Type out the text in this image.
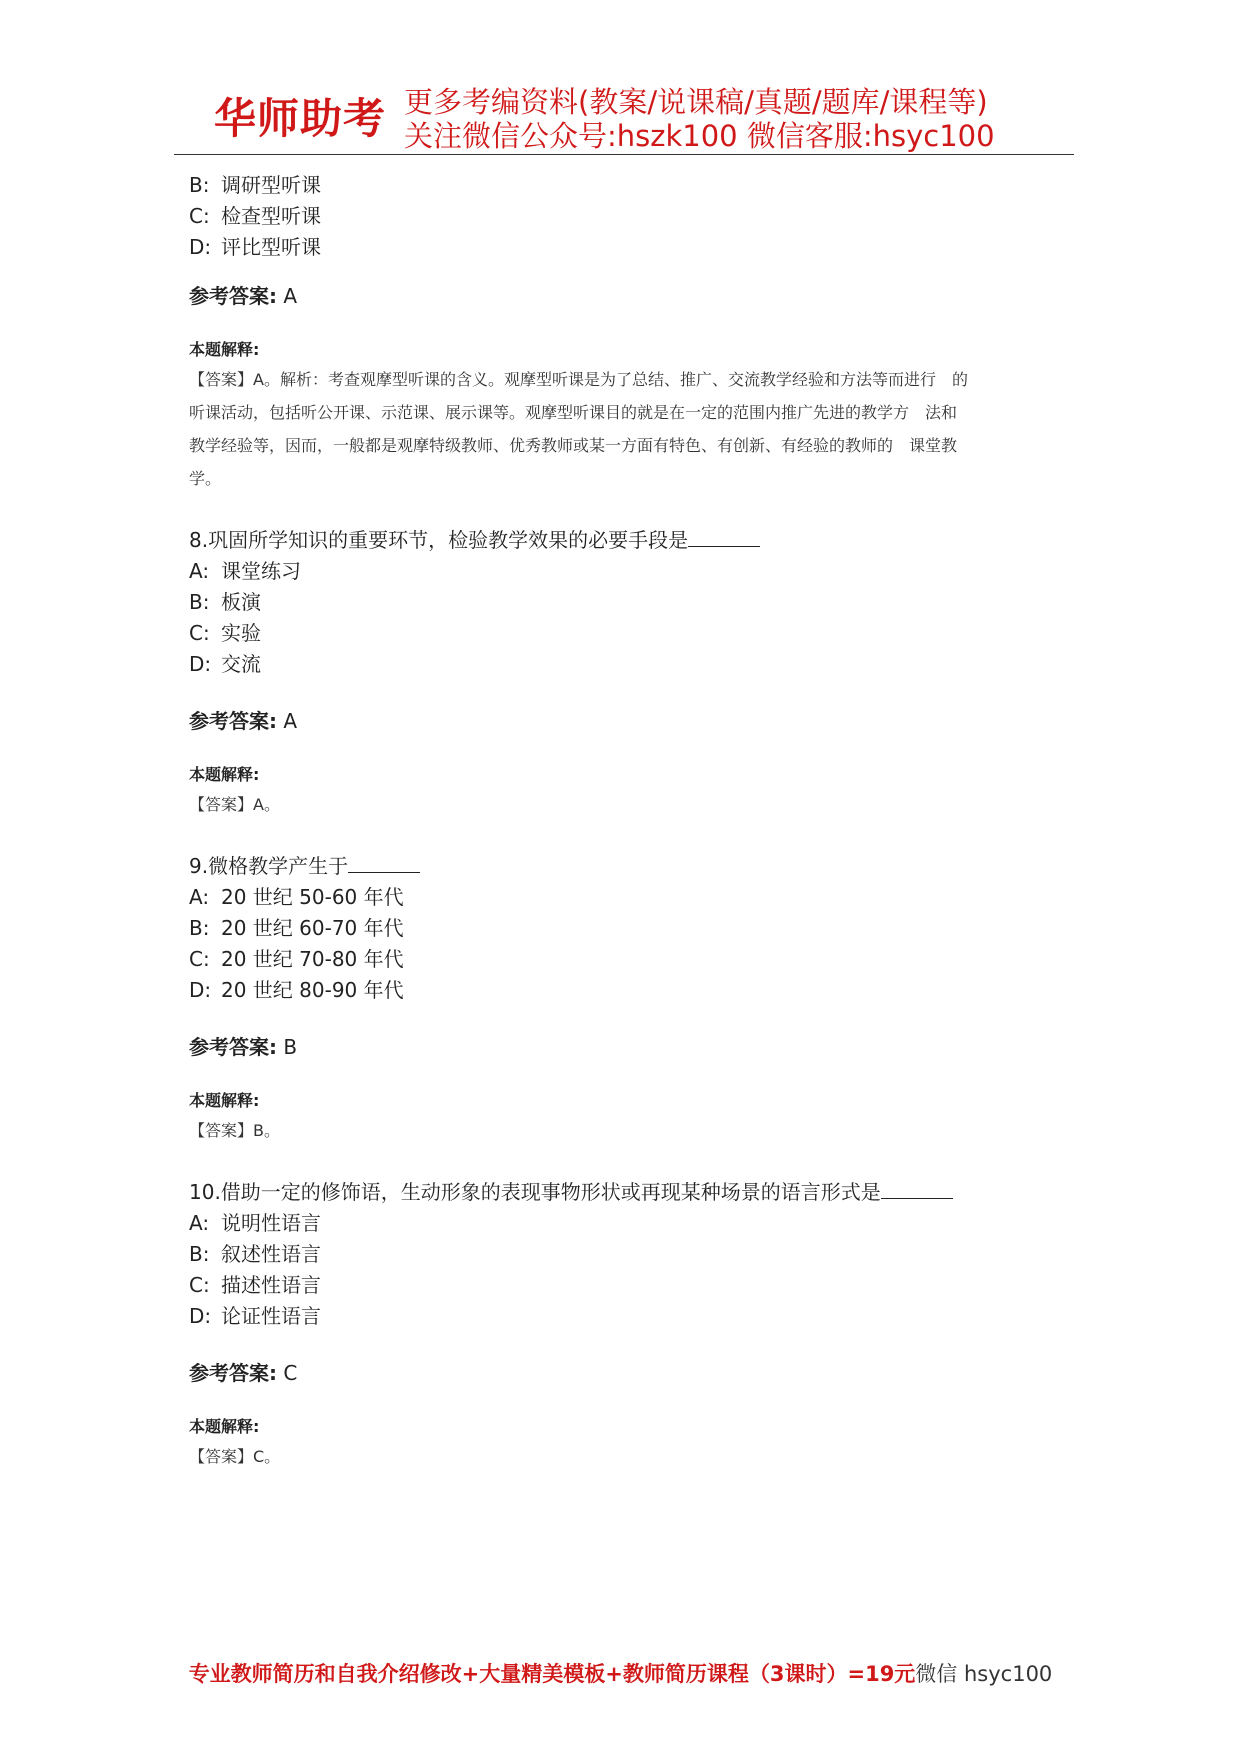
华师助考 更多考编资料(教案/说课稿/真题/题库/课程等)
关注微信公众号:hszk100 微信客服:hsyc100
B: 调研型听课
C: 检查型听课
D: 评比型听课
参考答案: A
本题解释:
【答案】A。解析：考查观摩型听课的含义。观摩型听课是为了总结、推广、交流教学经验和方法等而进行　的
听课活动，包括听公开课、示范课、展示课等。观摩型听课目的就是在一定的范围内推广先进的教学方　法和
教学经验等，因而，一般都是观摩特级教师、优秀教师或某一方面有特色、有创新、有经验的教师的　课堂教
学。
8.巩固所学知识的重要环节，检验教学效果的必要手段是
A: 课堂练习
B: 板演
C: 实验
D: 交流
参考答案: A
本题解释:
【答案】A。
9.微格教学产生于
A: 20 世纪 50-60 年代
B: 20 世纪 60-70 年代
C: 20 世纪 70-80 年代
D: 20 世纪 80-90 年代
参考答案: B
本题解释:
【答案】B。
10.借助一定的修饰语，生动形象的表现事物形状或再现某种场景的语言形式是
A: 说明性语言
B: 叙述性语言
C: 描述性语言
D: 论证性语言
参考答案: C
本题解释:
【答案】C。
专业教师简历和自我介绍修改+大量精美模板+教师简历课程（3课时）=19元微信 hsyc100
